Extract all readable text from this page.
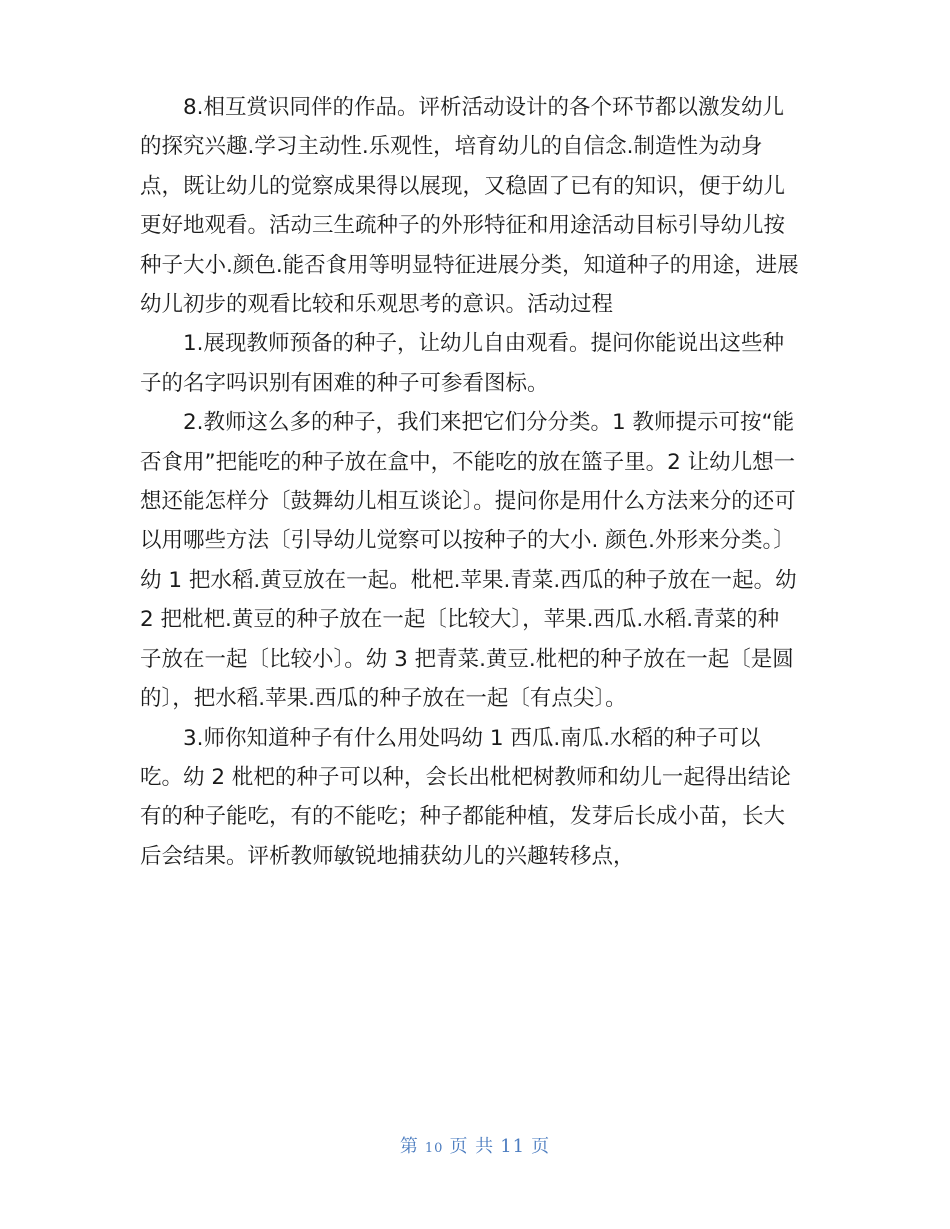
8.相互赏识同伴的作品。评析活动设计的各个环节都以激发幼儿的探究兴趣.学习主动性.乐观性，培育幼儿的自信念.制造性为动身点，既让幼儿的觉察成果得以展现，又稳固了已有的知识，便于幼儿更好地观看。活动三生疏种子的外形特征和用途活动目标引导幼儿按种子大小.颜色.能否食用等明显特征进展分类，知道种子的用途，进展幼儿初步的观看比较和乐观思考的意识。活动过程

1.展现教师预备的种子，让幼儿自由观看。提问你能说出这些种子的名字吗识别有困难的种子可参看图标。

2.教师这么多的种子，我们来把它们分分类。1 教师提示可按“能否食用”把能吃的种子放在盒中，不能吃的放在篮子里。2 让幼儿想一想还能怎样分〔鼓舞幼儿相互谈论〕。提问你是用什么方法来分的还可以用哪些方法〔引导幼儿觉察可以按种子的大小. 颜色.外形来分类。〕幼 1 把水稻.黄豆放在一起。枇杷.苹果.青菜.西瓜的种子放在一起。幼 2 把枇杷.黄豆的种子放在一起〔比较大〕，苹果.西瓜.水稻.青菜的种子放在一起〔比较小〕。幼 3 把青菜.黄豆.枇杷的种子放在一起〔是圆的〕，把水稻.苹果.西瓜的种子放在一起〔有点尖〕。

3.师你知道种子有什么用处吗幼 1 西瓜.南瓜.水稻的种子可以吃。幼 2 枇杷的种子可以种，会长出枇杷树教师和幼儿一起得出结论有的种子能吃，有的不能吃；种子都能种植，发芽后长成小苗，长大后会结果。评析教师敏锐地捕获幼儿的兴趣转移点，

第 10 页 共 11 页
